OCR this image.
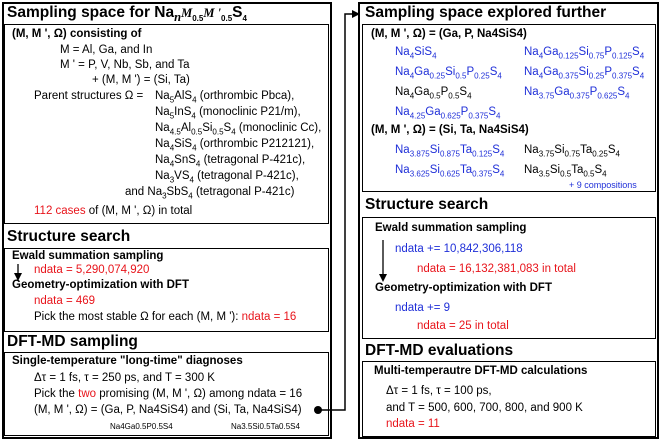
Sampling space for $Na_nM_{0.5}M$ '$_{0.5}S_4$
(M, M ', Ω) consisting of
M = Al, Ga, and In
M ' = P, V, Nb, Sb, and Ta
+ (M, M ') = (Si, Ta)
Parent structures $\Omega = Na_5AlS_4$ (orthrombic Pbca),
$Na_5InS_4$ (monoclinic P21/m),
$Na_{4.5}Al_{0.5}Si_{0.5}S_4$ (monoclinic Cc),
$Na_4SiS_4$ (orthrombic P212121),
$Na_4SnS_4$ (tetragonal P-421c),
$Na_3VS_4$ (tetragonal P-421c),
and $Na_3SbS_4$ (tetragonal P-421c)
112 cases of (M, M ', Ω) in total
Structure search
Ewald summation sampling
ndata = 5,290,074,920
Geometry-optimization with DFT
ndata = 469
Pick the most stable Ω for each (M, M '): ndata = 16
DFT-MD sampling
Single-temperature "long-time" diagnoses
Δτ = 1 fs, τ = 250 ps, and T = 300 K
Pick the two promising (M, M ', Ω) among ndata = 16
(M, M ', Ω) = (Ga, P, Na4SiS4) and (Si, Ta, Na4SiS4)
Na4Ga0.5P0.5S4	Na3.5Si0.5Ta0.5S4
Sampling space explored further
(M, M ', Ω) = (Ga, P, Na4SiS4)
$Na_4SiS_4$	$Na_4Ga_{0.125}Si_{0.75}P_{0.125}S_4$
$Na_4Ga_{0.25}Si_{0.5}P_{0.25}S_4$ $Na_4Ga_{0.375}Si_{0.25}P_{0.375}S_4$
$Na_4Ga_{0.5}P_{0.5}S_4$	$Na_{3.75}Ga_{0.375}P_{0.625}S_4$
$Na_{4.25}Ga_{0.625}P_{0.375}S_4$
(M, M ', Ω) = (Si, Ta, Na4SiS4)
$Na_{3.875}Si_{0.875}Ta_{0.125}S_4$ $Na_{3.75}Si_{0.75}Ta_{0.25}S_4$
$Na_{3.625}Si_{0.625}Ta_{0.375}S_4$ $Na_{3.5}Si_{0.5}Ta_{0.5}S_4$
+ 9 compositions
Structure search
Ewald summation sampling
ndata += 10,842,306,118
ndata = 16,132,381,083 in total
Geometry-optimization with DFT
ndata += 9
ndata = 25 in total
DFT-MD evaluations
Multi-temperautre DFT-MD calculations
Δτ = 1 fs, τ = 100 ps,
and T = 500, 600, 700, 800, and 900 K
ndata = 11
